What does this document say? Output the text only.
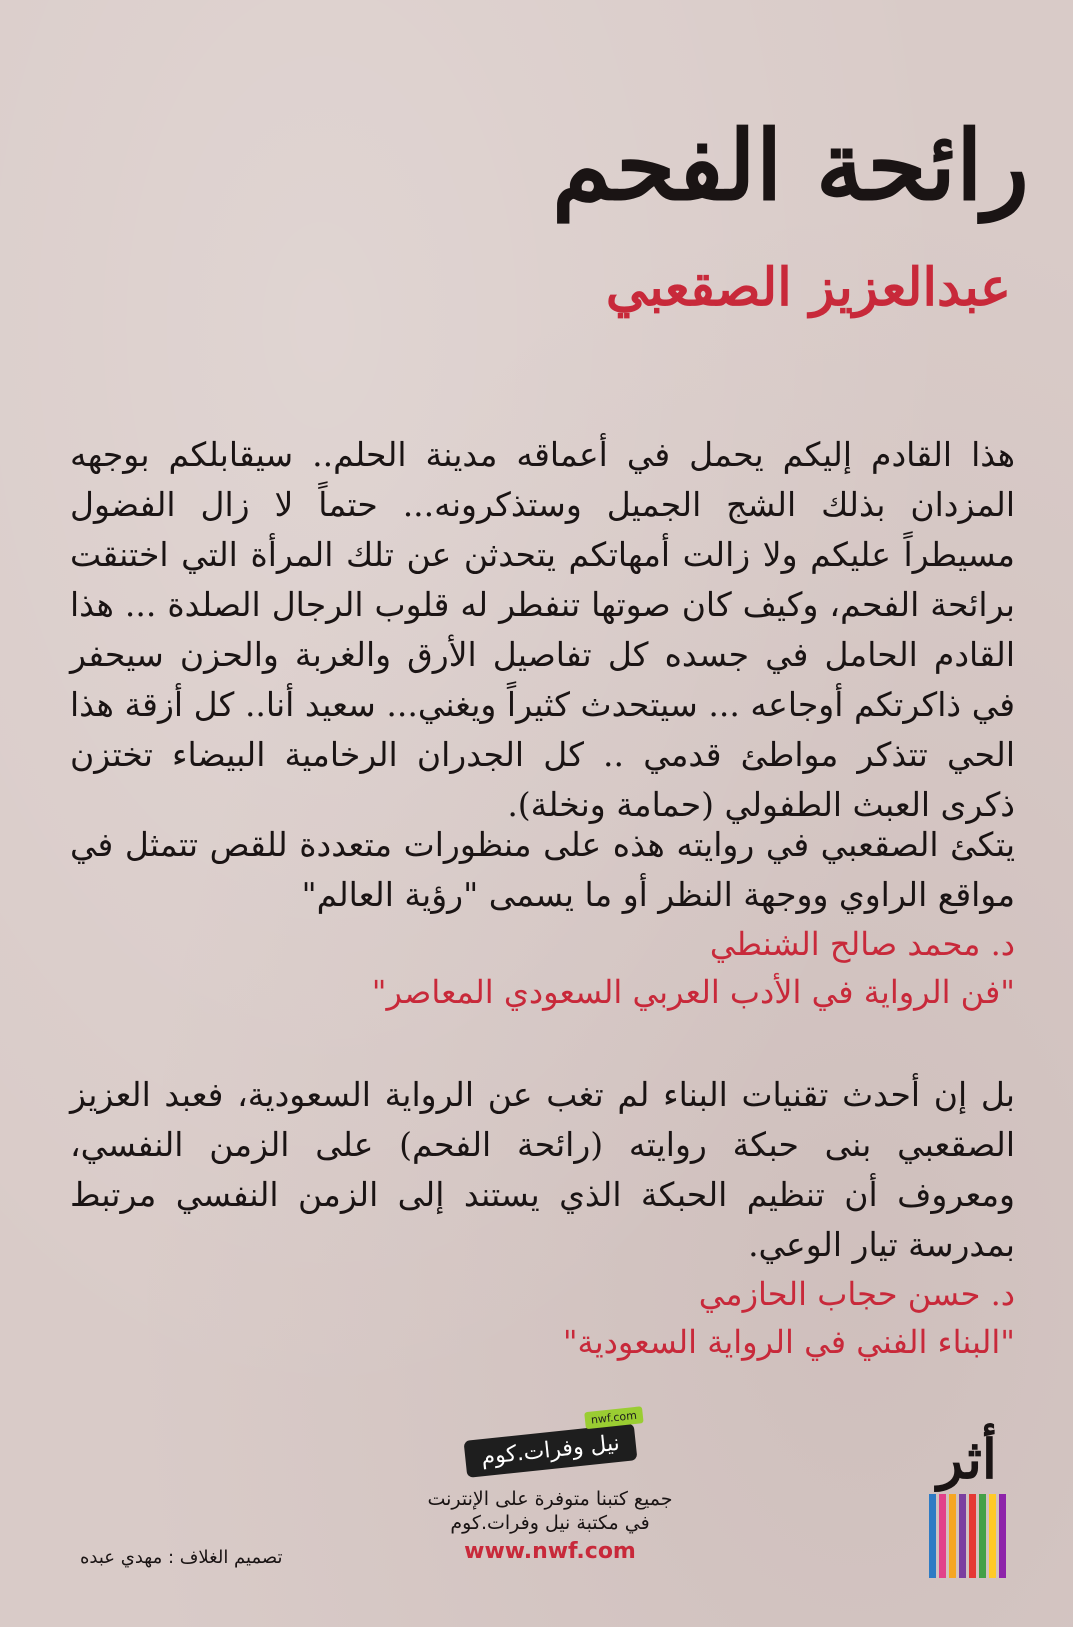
رائحة الفحم
عبدالعزيز الصقعبي

هذا القادم إليكم يحمل في أعماقه مدينة الحلم.. سيقابلكم بوجهه المزدان بذلك الشج الجميل وستذكرونه... حتماً لا زال الفضول مسيطراً عليكم ولا زالت أمهاتكم يتحدثن عن تلك المرأة التي اختنقت برائحة الفحم، وكيف كان صوتها تنفطر له قلوب الرجال الصلدة ... هذا القادم الحامل في جسده كل تفاصيل الأرق والغربة والحزن سيحفر في ذاكرتكم أوجاعه ... سيتحدث كثيراً ويغني... سعيد أنا.. كل أزقة هذا الحي تتذكر مواطئ قدمي .. كل الجدران الرخامية البيضاء تختزن ذكرى العبث الطفولي (حمامة ونخلة).

يتكئ الصقعبي في روايته هذه على منظورات متعددة للقص تتمثل في مواقع الراوي ووجهة النظر أو ما يسمى "رؤية العالم"

د. محمد صالح الشنطي
"فن الرواية في الأدب العربي السعودي المعاصر"

بل إن أحدث تقنيات البناء لم تغب عن الرواية السعودية، فعبد العزيز الصقعبي بنى حبكة روايته (رائحة الفحم) على الزمن النفسي، ومعروف أن تنظيم الحبكة الذي يستند إلى الزمن النفسي مرتبط بمدرسة تيار الوعي.

د. حسن حجاب الحازمي
"البناء الفني في الرواية السعودية"
نيل وفرات.كوم
nwf.com
جميع كتبنا متوفرة على الإنترنت
في مكتبة نيل وفرات.كوم
www.nwf.com
أثر
تصميم الغلاف : مهدي عبده
